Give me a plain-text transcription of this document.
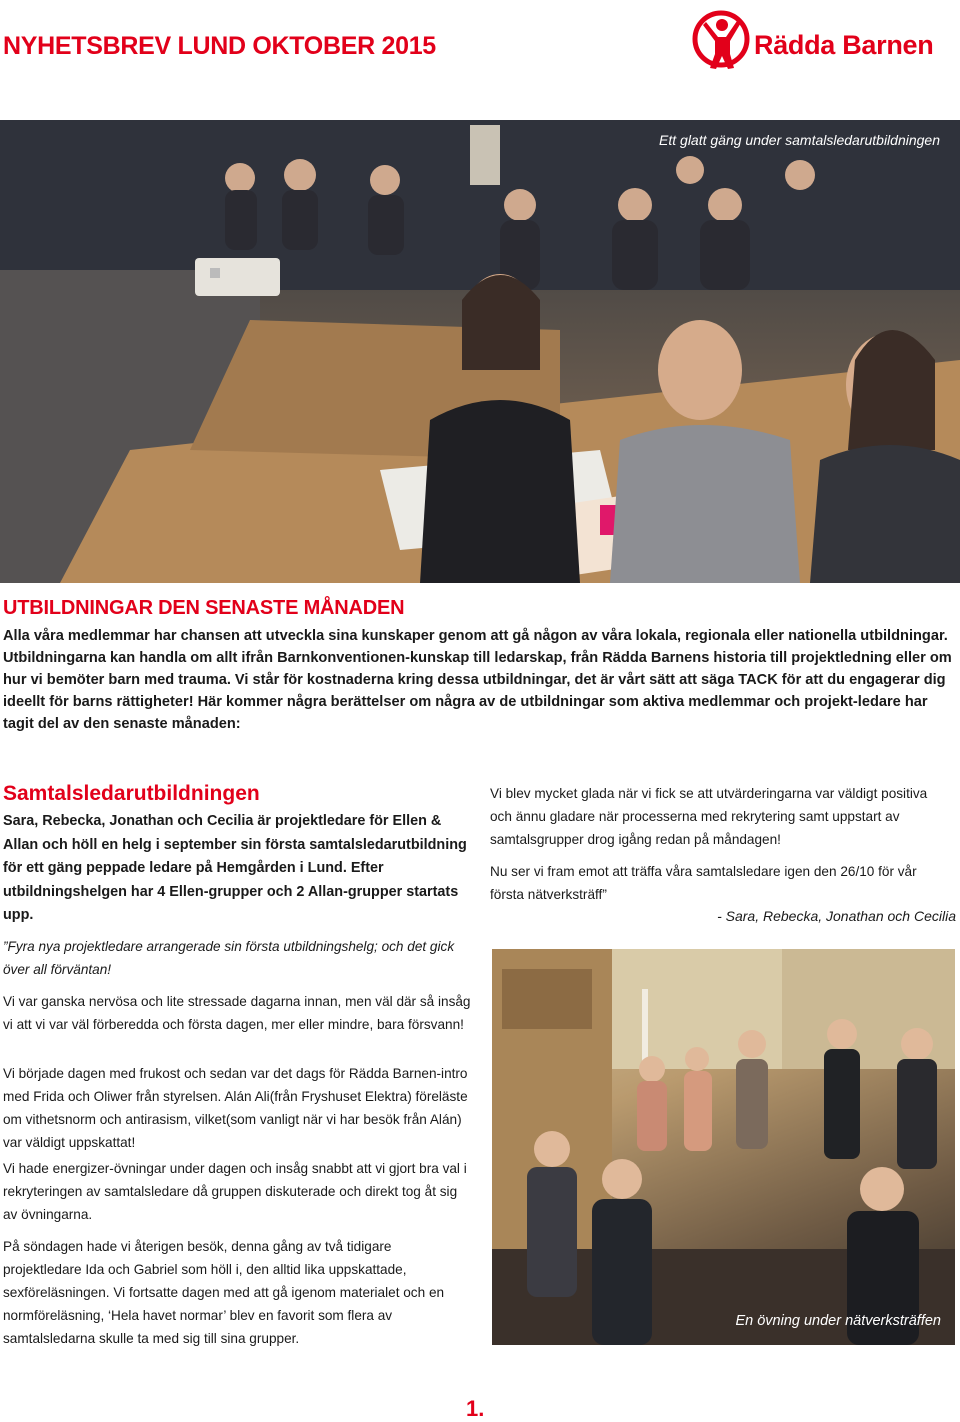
NYHETSBREV LUND OKTOBER 2015	Rädda Barnen
Ett glatt gäng under samtalsledarutbildningen
UTBILDNINGAR DEN SENASTE MÅNADEN

Alla våra medlemmar har chansen att utveckla sina kunskaper genom att gå någon av våra lokala, regionala eller nationella utbildningar. Utbildningarna kan handla om allt ifrån Barnkonventionen-kunskap till ledarskap, från Rädda Barnens historia till projektledning eller om hur vi bemöter barn med trauma. Vi står för kostnaderna kring dessa utbildningar, det är vårt sätt att säga TACK för att du engagerar dig ideellt för barns rättigheter! Här kommer några berättelser om några av de utbildningar som aktiva medlemmar och projekt-ledare har tagit del av den senaste månaden:

Samtalsledarutbildningen

Sara, Rebecka, Jonathan och Cecilia är projektledare för Ellen & Allan och höll en helg i september sin första samtalsledarutbildning för ett gäng peppade ledare på Hemgården i Lund. Efter utbildningshelgen har 4 Ellen-grupper och 2 Allan-grupper startats upp.

”Fyra nya projektledare arrangerade sin första utbildningshelg; och det gick över all förväntan!

Vi var ganska nervösa och lite stressade dagarna innan, men väl där så insåg vi att vi var väl förberedda och första dagen, mer eller mindre, bara försvann!

Vi började dagen med frukost och sedan var det dags för Rädda Barnen-intro med Frida och Oliwer från styrelsen. Alán Ali(från Fryshuset Elektra) föreläste om vithetsnorm och antirasism, vilket(som vanligt när vi har besök från Alán) var väldigt uppskattat!

Vi hade energizer-övningar under dagen och insåg snabbt att vi gjort bra val i rekryteringen av samtalsledare då gruppen diskuterade och direkt tog åt sig av övningarna.

På söndagen hade vi återigen besök, denna gång av två tidigare projektledare Ida och Gabriel som höll i, den alltid lika uppskattade, sexföreläsningen. Vi fortsatte dagen med att gå igenom materialet och en normföreläsning, ‘Hela havet normar’ blev en favorit som flera av samtalsledarna skulle ta med sig till sina grupper.

Vi blev mycket glada när vi fick se att utvärderingarna var väldigt positiva och ännu gladare när processerna med rekrytering samt uppstart av samtalsgrupper drog igång redan på måndagen!

Nu ser vi fram emot att träffa våra samtalsledare igen den 26/10 för vår första nätverksträff”

- Sara, Rebecka, Jonathan och Cecilia

En övning under nätverksträffen
1.
